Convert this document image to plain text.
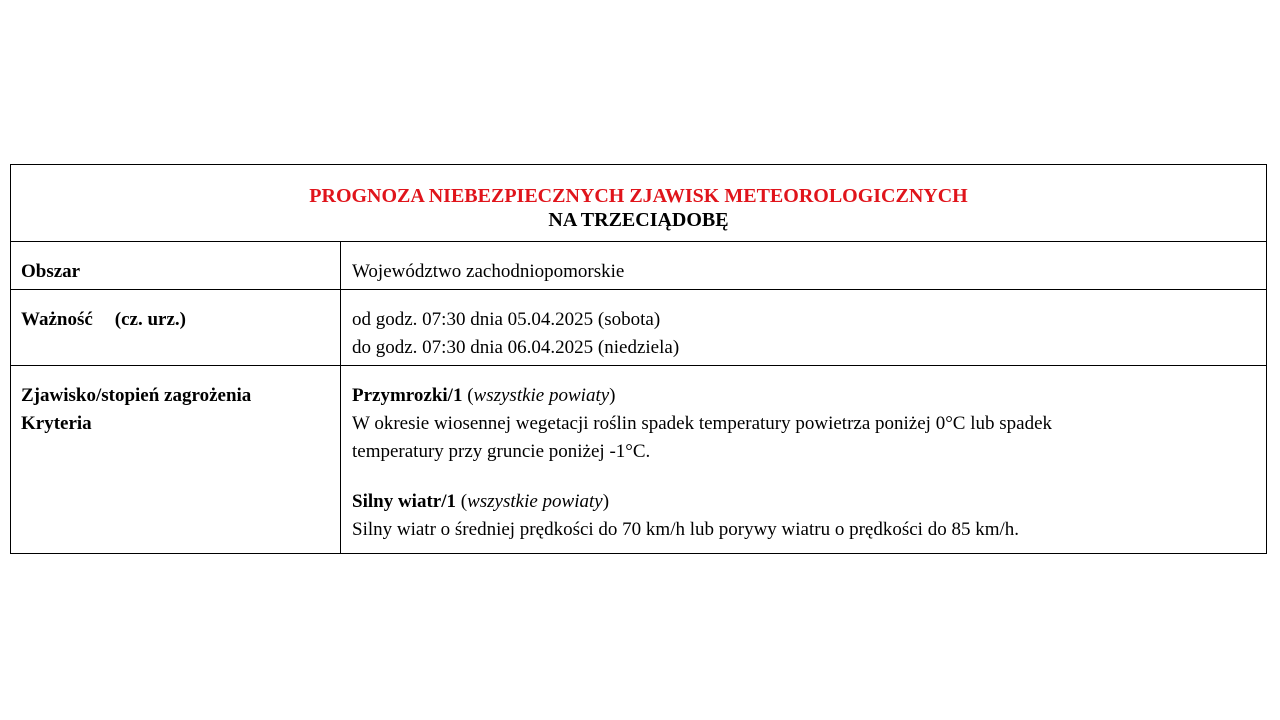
PROGNOZA NIEBEZPIECZNYCH ZJAWISK METEOROLOGICZNYCH
NA TRZECIĄDOBĘ
Obszar	Województwo zachodniopomorskie
Ważność (cz. urz.)	od godz. 07:30 dnia 05.04.2025 (sobota)
do godz. 07:30 dnia 06.04.2025 (niedziela)
Zjawisko/stopień zagrożenia
Kryteria
Przymrozki/1 (wszystkie powiaty)
W okresie wiosennej wegetacji roślin spadek temperatury powietrza poniżej 0°C lub spadek
temperatury przy gruncie poniżej -1°C.
Silny wiatr/1 (wszystkie powiaty)
Silny wiatr o średniej prędkości do 70 km/h lub porywy wiatru o prędkości do 85 km/h.
